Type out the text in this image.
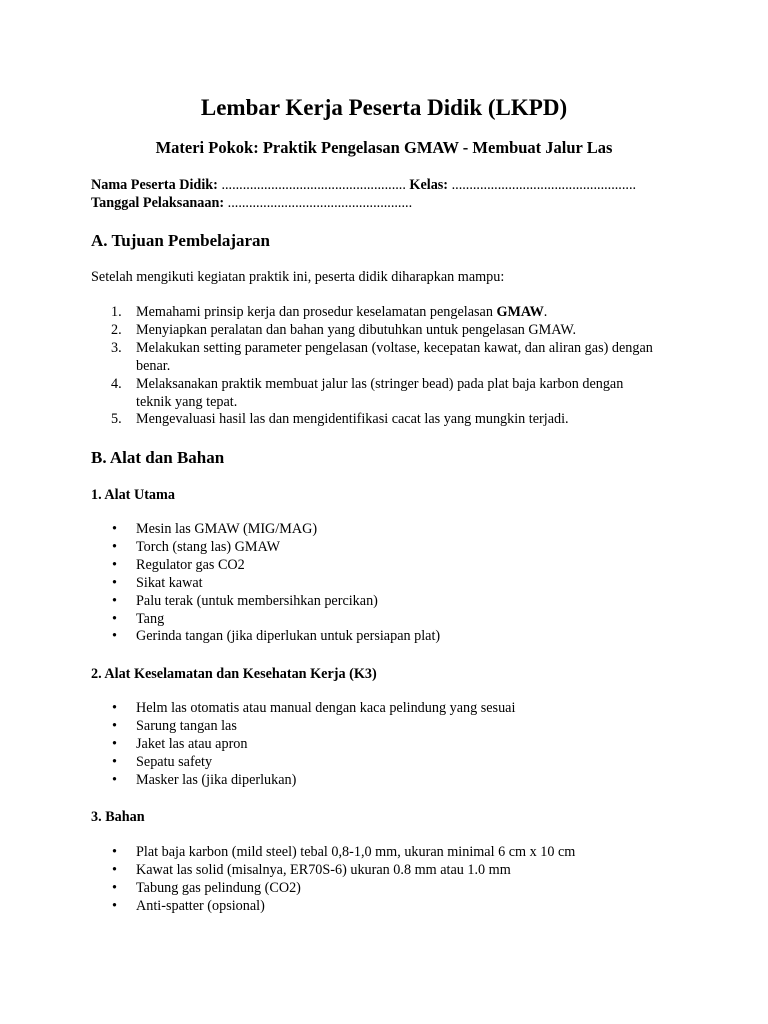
Lembar Kerja Peserta Didik (LKPD)
Materi Pokok: Praktik Pengelasan GMAW - Membuat Jalur Las
Nama Peserta Didik: .................................................... Kelas: ....................................................
Tanggal Pelaksanaan: ....................................................
A. Tujuan Pembelajaran

Setelah mengikuti kegiatan praktik ini, peserta didik diharapkan mampu:

1. Memahami prinsip kerja dan prosedur keselamatan pengelasan GMAW.
2. Menyiapkan peralatan dan bahan yang dibutuhkan untuk pengelasan GMAW.
3. Melakukan setting parameter pengelasan (voltase, kecepatan kawat, dan aliran gas) dengan benar.
4. Melaksanakan praktik membuat jalur las (stringer bead) pada plat baja karbon dengan teknik yang tepat.
5. Mengevaluasi hasil las dan mengidentifikasi cacat las yang mungkin terjadi.
B. Alat dan Bahan
1. Alat Utama
• Mesin las GMAW (MIG/MAG)
• Torch (stang las) GMAW
• Regulator gas CO2
• Sikat kawat
• Palu terak (untuk membersihkan percikan)
• Tang
• Gerinda tangan (jika diperlukan untuk persiapan plat)
2. Alat Keselamatan dan Kesehatan Kerja (K3)
• Helm las otomatis atau manual dengan kaca pelindung yang sesuai
• Sarung tangan las
• Jaket las atau apron
• Sepatu safety
• Masker las (jika diperlukan)
3. Bahan
• Plat baja karbon (mild steel) tebal 0,8-1,0 mm, ukuran minimal 6 cm x 10 cm
• Kawat las solid (misalnya, ER70S-6) ukuran 0.8 mm atau 1.0 mm
• Tabung gas pelindung (CO2)
• Anti-spatter (opsional)
